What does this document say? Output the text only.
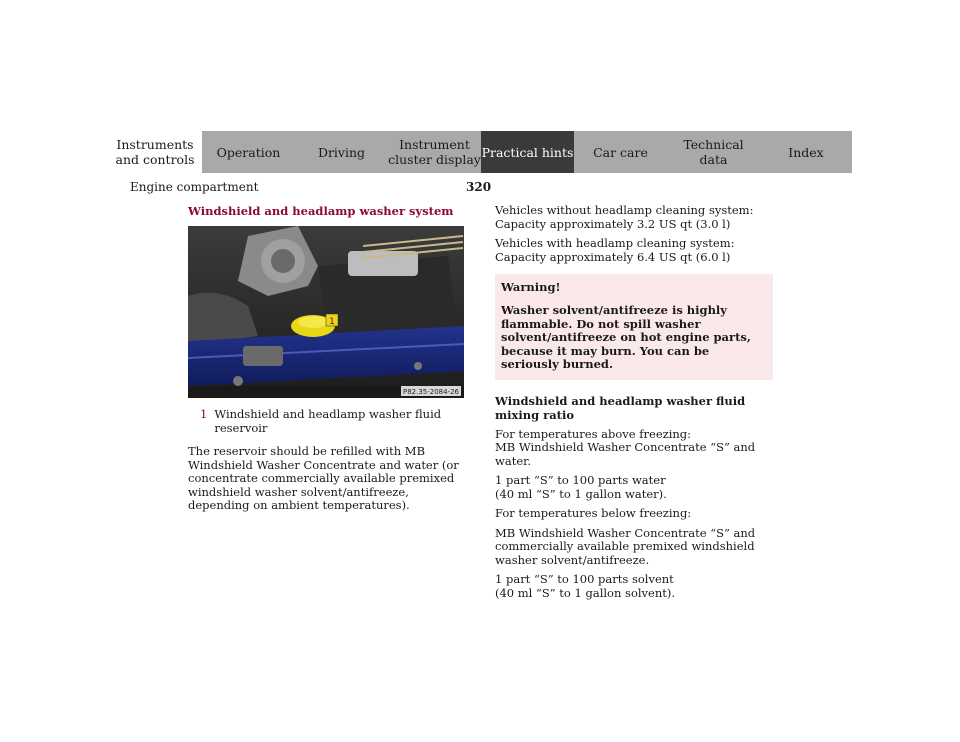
Instruments
and controls Operation	Driving	Instrument
cluster display Practical hints Car care	Technical
data	Index
Engine compartment	320
Windshield and headlamp washer system
1
P82.35-2084-26
1 Windshield and headlamp washer fluid reservoir

The reservoir should be refilled with MB Windshield Washer Concentrate and water (or concentrate commercially available premixed windshield washer solvent/antifreeze, depending on ambient temperatures).

Vehicles without headlamp cleaning system:

Capacity approximately 3.2 US qt (3.0 l)

Vehicles with headlamp cleaning system:

Capacity approximately 6.4 US qt (6.0 l)

Warning!
Washer solvent/antifreeze is highly flammable. Do not spill washer solvent/antifreeze on hot engine parts, because it may burn. You can be seriously burned.
Windshield and headlamp washer fluid mixing ratio

For temperatures above freezing:

MB Windshield Washer Concentrate “S” and water.

1 part “S” to 100 parts water

(40 ml “S” to 1 gallon water).

For temperatures below freezing:

MB Windshield Washer Concentrate “S” and commercially available premixed windshield washer solvent/antifreeze.

1 part “S” to 100 parts solvent

(40 ml “S” to 1 gallon solvent).
